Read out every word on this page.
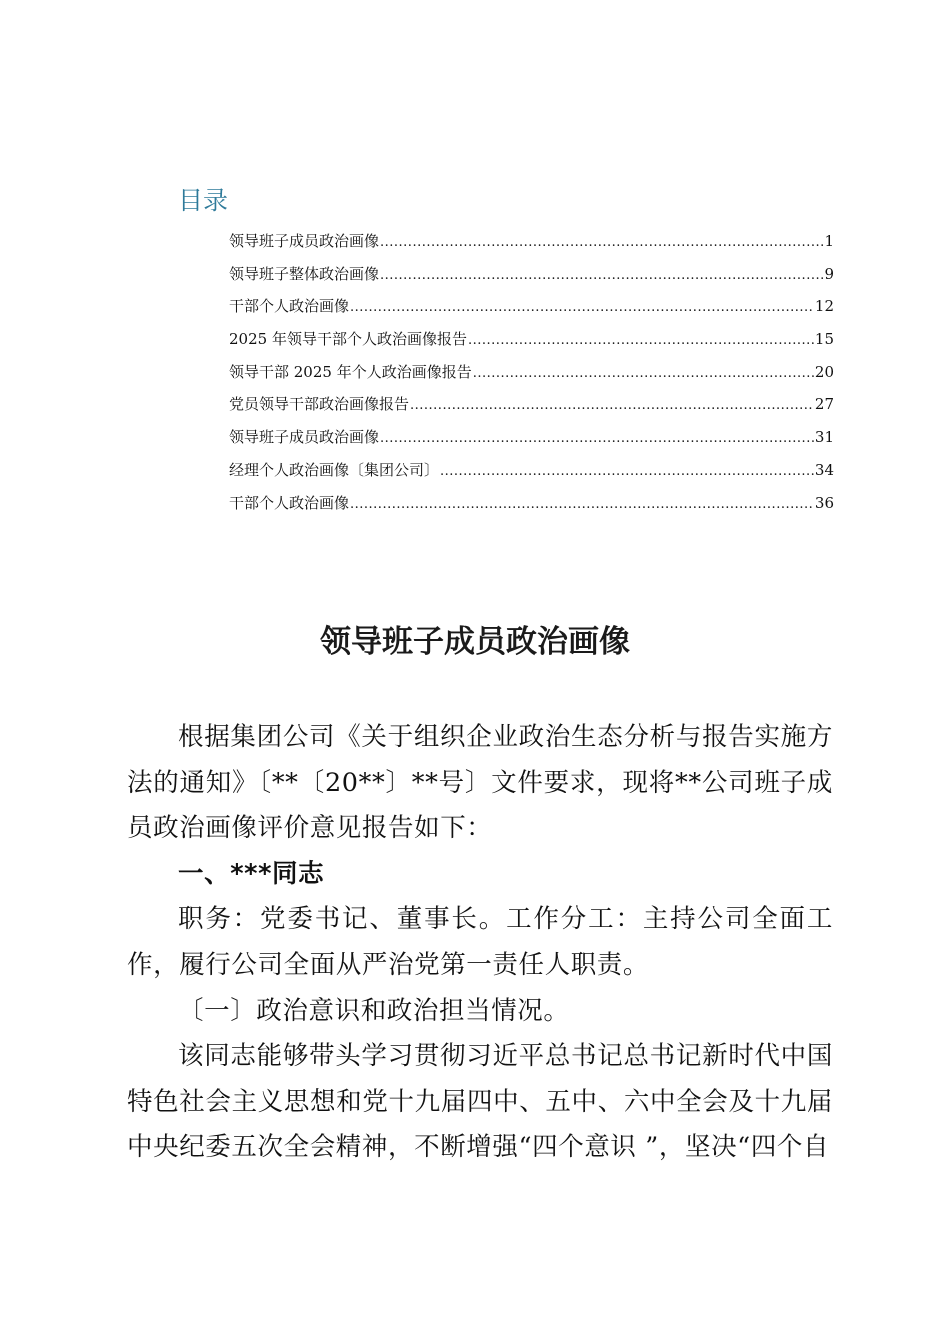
目录
领导班子成员政治画像 .....	1
领导班子整体政治画像 .....	9
干部个人政治画像 .....	12
2025 年领导干部个人政治画像报告 .....	15
领导干部 2025 年个人政治画像报告 .....	20
党员领导干部政治画像报告 .....	27
领导班子成员政治画像 .....	31
经理个人政治画像〔集团公司〕 .....	34
干部个人政治画像 .....	36
领导班子成员政治画像

根据集团公司《关于组织企业政治生态分析与报告实施方法的通知》〔**〔20**〕**号〕文件要求，现将**公司班子成员政治画像评价意见报告如下：

一、***同志

职务：党委书记、董事长。工作分工：主持公司全面工作，履行公司全面从严治党第一责任人职责。

〔一〕政治意识和政治担当情况。

该同志能够带头学习贯彻习近平总书记总书记新时代中国特色社会主义思想和党十九届四中、五中、六中全会及十九届中央纪委五次全会精神，不断增强“四个意识 ”，坚决“四个自
